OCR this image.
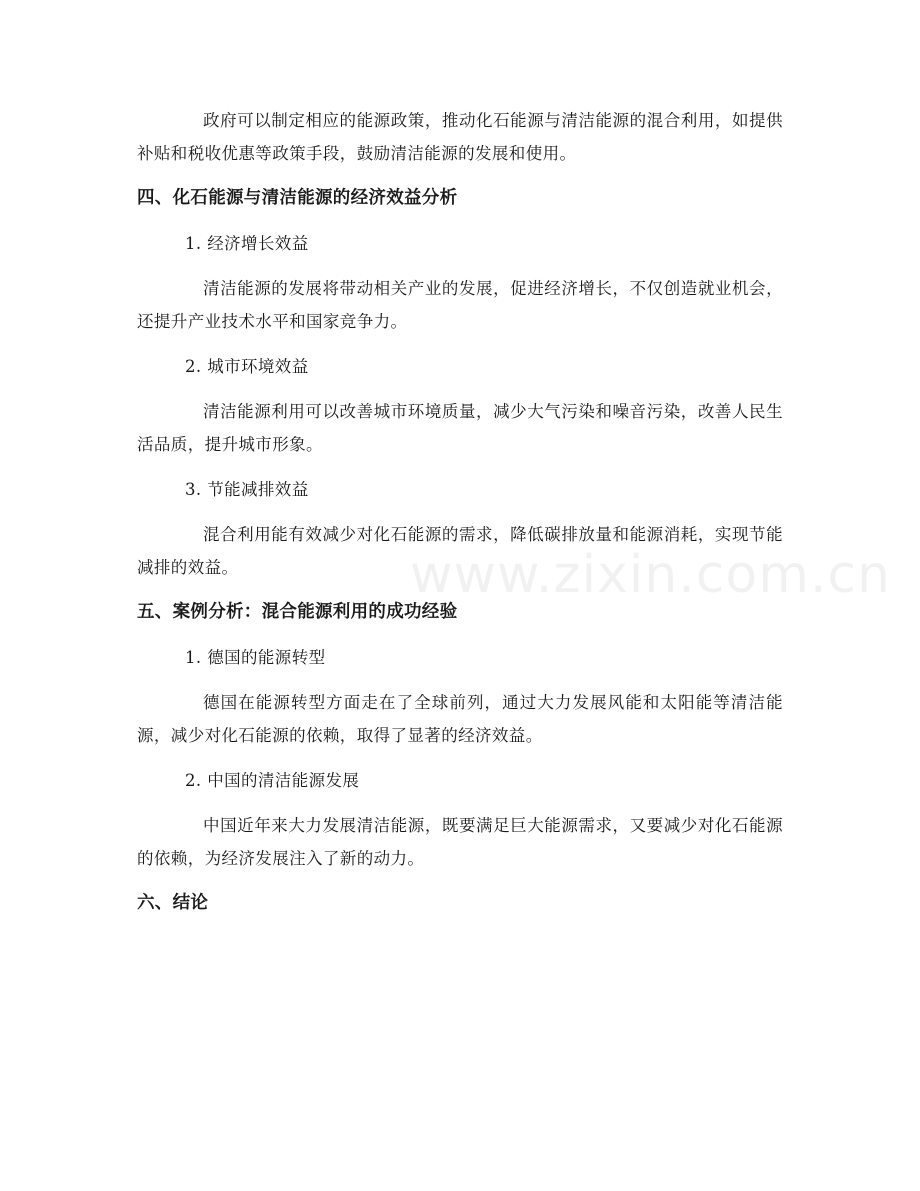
www.zixin.com.cn

政府可以制定相应的能源政策，推动化石能源与清洁能源的混合利用，如提供补贴和税收优惠等政策手段，鼓励清洁能源的发展和使用。

四、化石能源与清洁能源的经济效益分析
1. 经济增长效益

清洁能源的发展将带动相关产业的发展，促进经济增长，不仅创造就业机会，还提升产业技术水平和国家竞争力。

2. 城市环境效益

清洁能源利用可以改善城市环境质量，减少大气污染和噪音污染，改善人民生活品质，提升城市形象。

3. 节能减排效益

混合利用能有效减少对化石能源的需求，降低碳排放量和能源消耗，实现节能减排的效益。

五、案例分析：混合能源利用的成功经验
1. 德国的能源转型

德国在能源转型方面走在了全球前列，通过大力发展风能和太阳能等清洁能源，减少对化石能源的依赖，取得了显著的经济效益。

2. 中国的清洁能源发展

中国近年来大力发展清洁能源，既要满足巨大能源需求，又要减少对化石能源的依赖，为经济发展注入了新的动力。

六、结论
